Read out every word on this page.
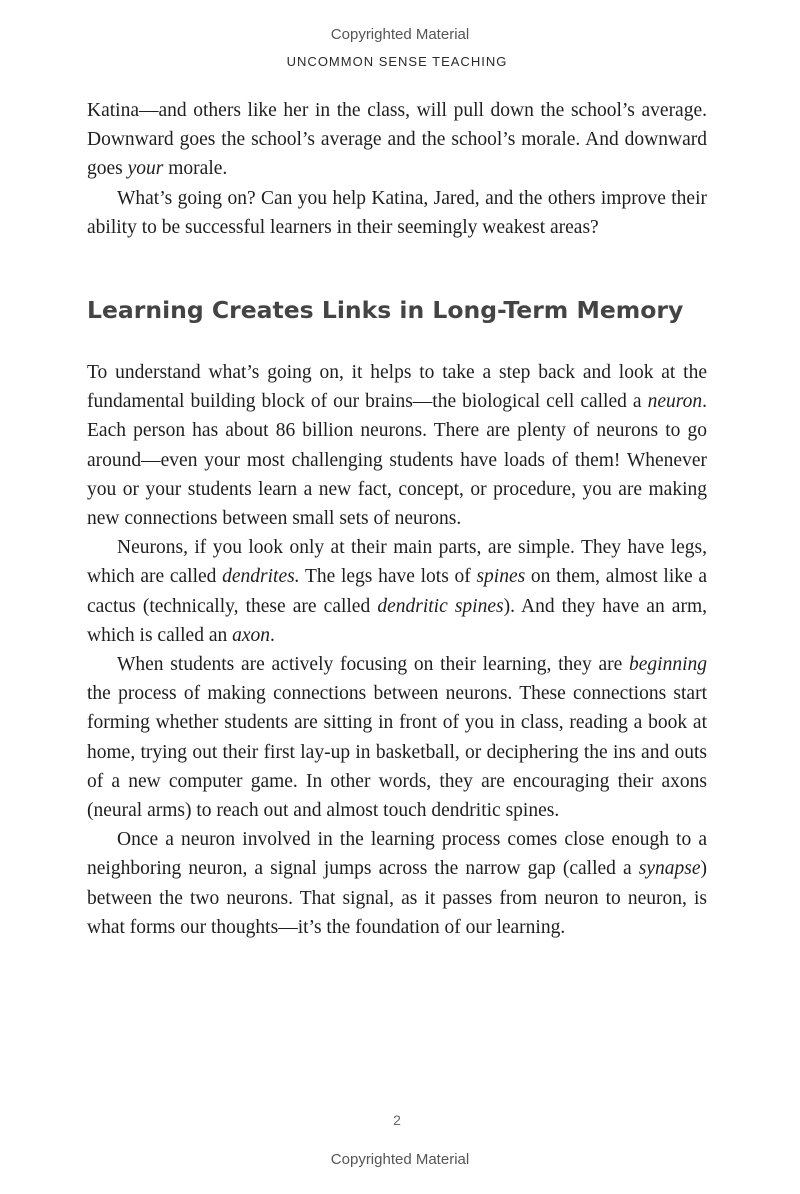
Copyrighted Material
UNCOMMON SENSE TEACHING

Katina—and others like her in the class, will pull down the school’s average. Downward goes the school’s average and the school’s morale. And downward goes your morale.

What’s going on? Can you help Katina, Jared, and the others improve their ability to be successful learners in their seemingly weakest areas?

Learning Creates Links in Long-Term Memory

To understand what’s going on, it helps to take a step back and look at the fundamental building block of our brains—the biological cell called a neuron. Each person has about 86 billion neurons. There are plenty of neurons to go around—even your most challenging students have loads of them! Whenever you or your students learn a new fact, concept, or procedure, you are making new connections between small sets of neurons.

Neurons, if you look only at their main parts, are simple. They have legs, which are called dendrites. The legs have lots of spines on them, almost like a cactus (technically, these are called dendritic spines). And they have an arm, which is called an axon.

When students are actively focusing on their learning, they are beginning the process of making connections between neurons. These connections start forming whether students are sitting in front of you in class, reading a book at home, trying out their first lay-up in basketball, or deciphering the ins and outs of a new computer game. In other words, they are encouraging their axons (neural arms) to reach out and almost touch dendritic spines.

Once a neuron involved in the learning process comes close enough to a neighboring neuron, a signal jumps across the narrow gap (called a synapse) between the two neurons. That signal, as it passes from neuron to neuron, is what forms our thoughts—it’s the foundation of our learning.

2
Copyrighted Material
